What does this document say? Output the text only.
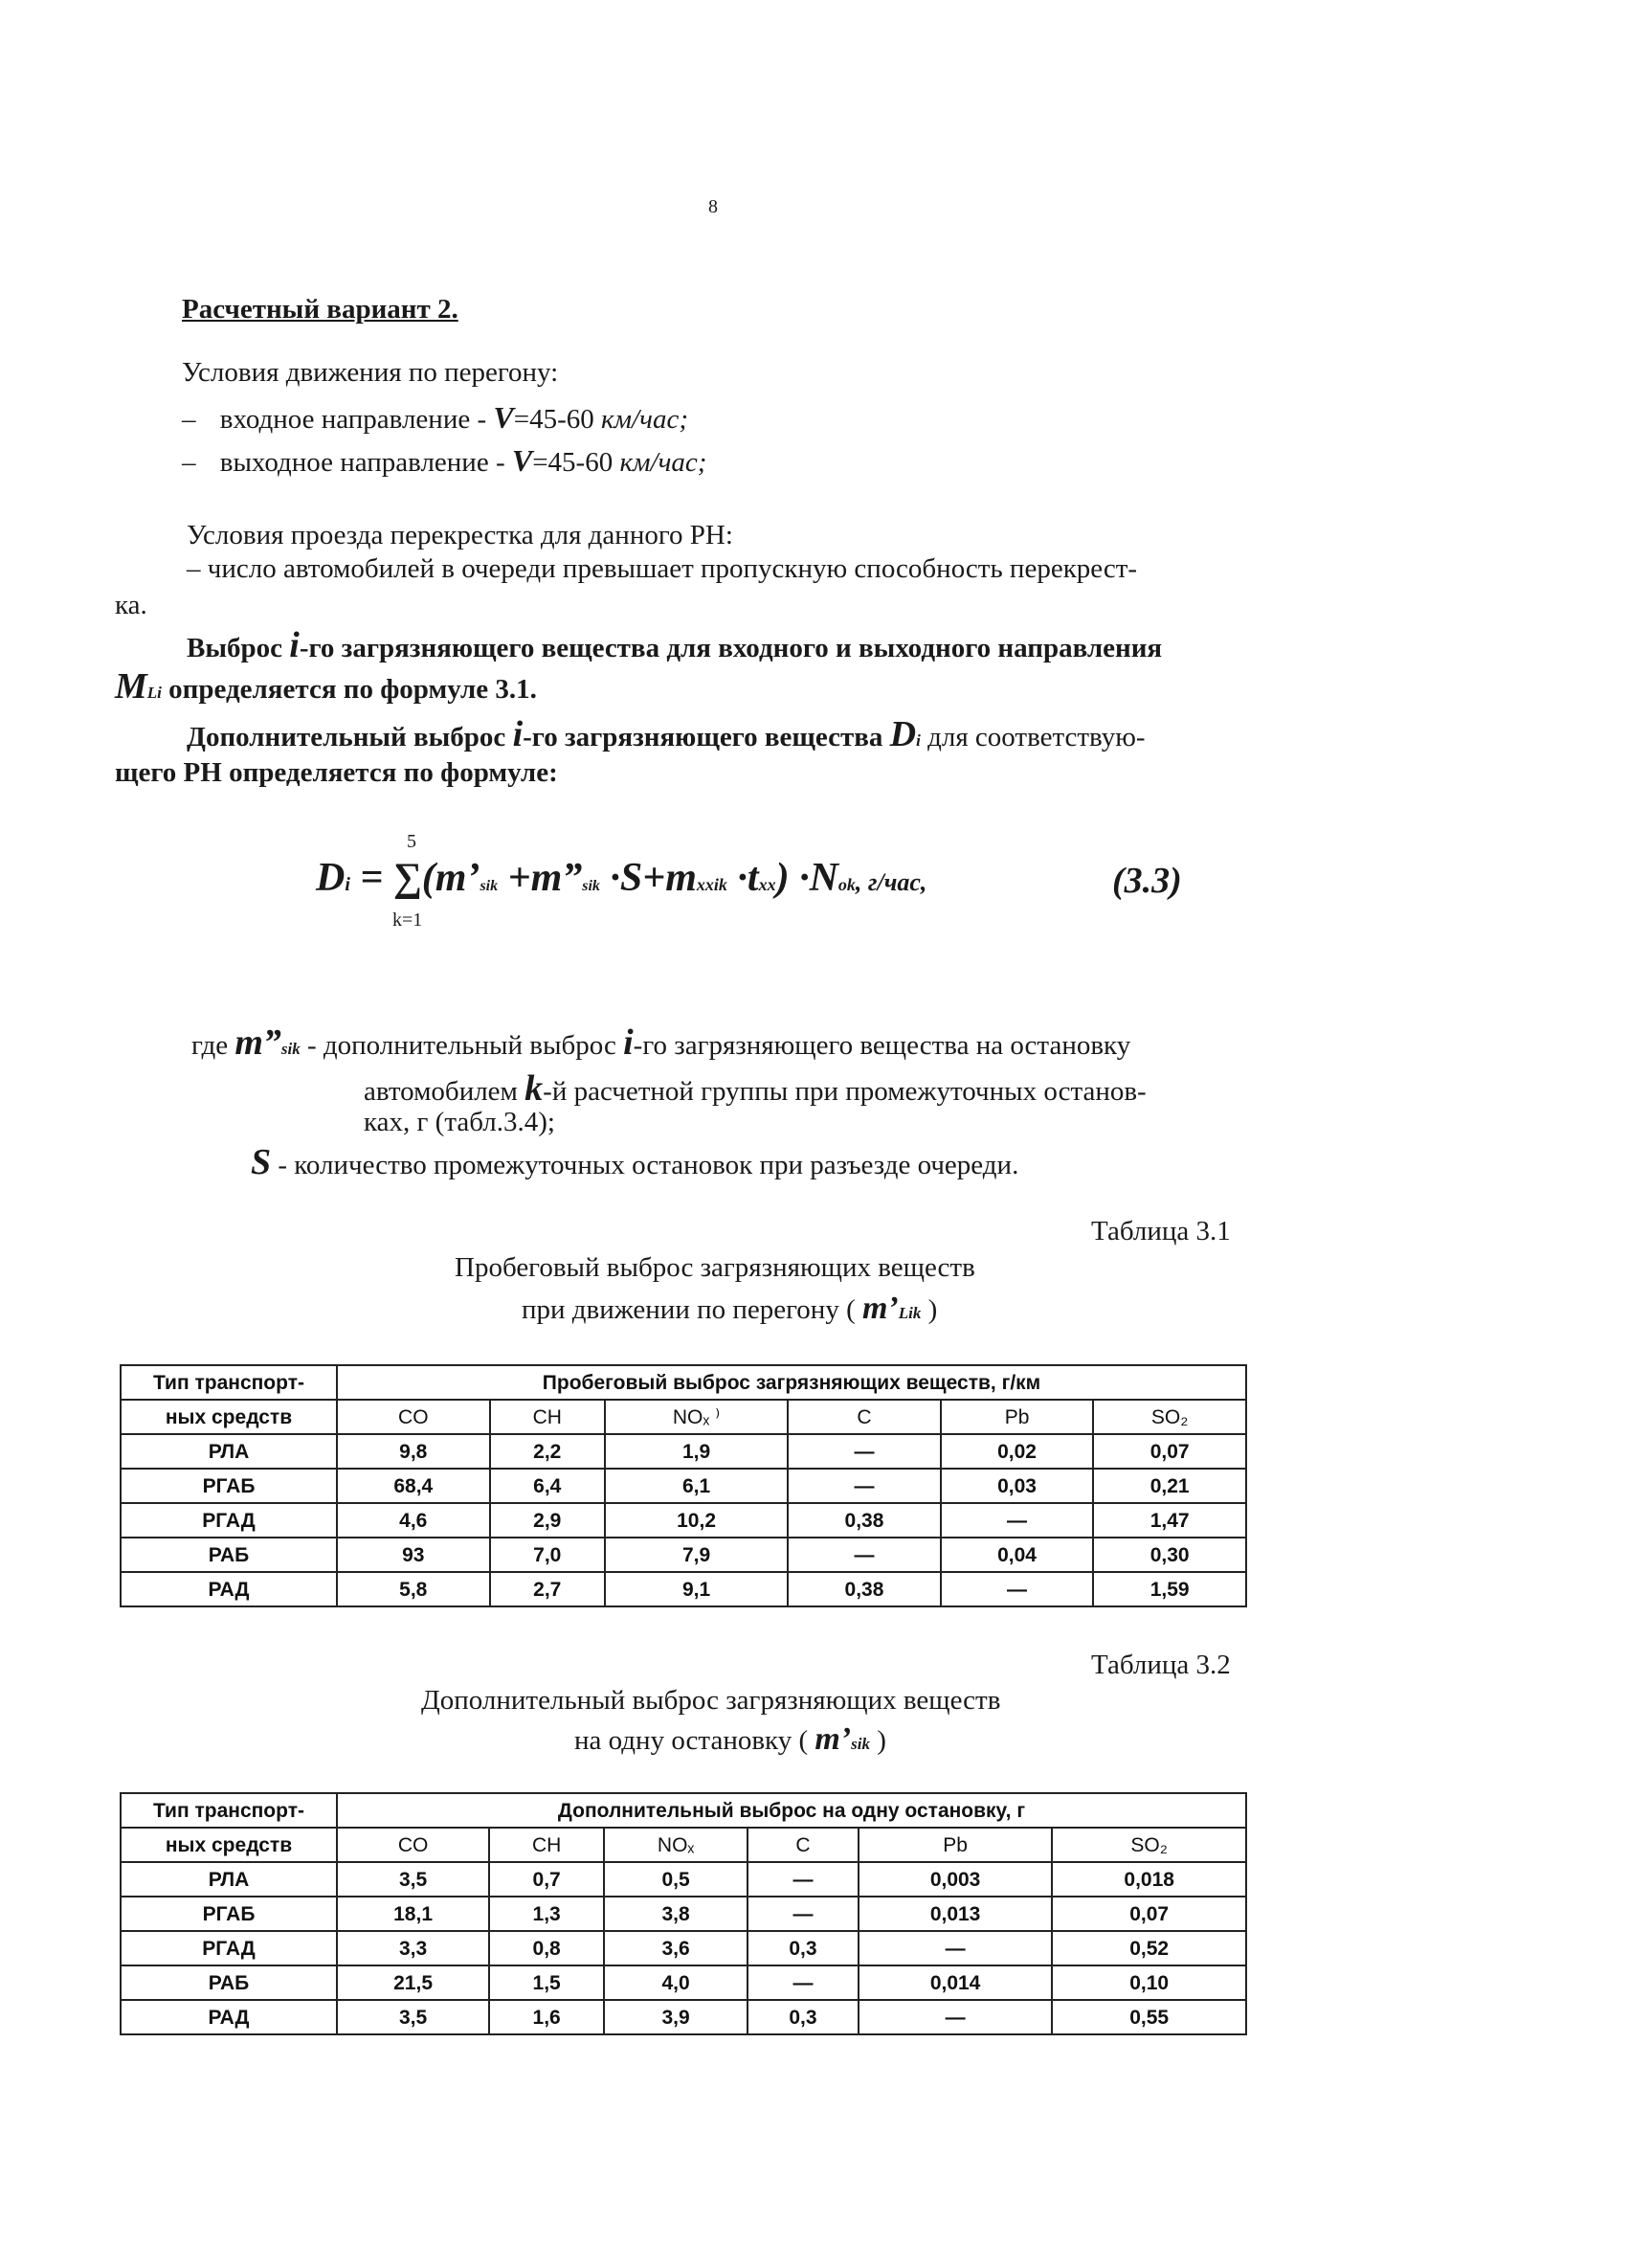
8
Расчетный вариант 2.
Условия движения по перегону:
– входное направление - V=45-60 км/час;
– выходное направление - V=45-60 км/час;
Условия проезда перекрестка для данного РН:
– число автомобилей в очереди превышает пропускную способность перекрест-
ка.
Выброс i-го загрязняющего вещества для входного и выходного направления
MLi определяется по формуле 3.1.
Дополнительный выброс i-го загрязняющего вещества Di для соответствую-
щего РН определяется по формуле:
5
k=1
Di = ∑(m’sik +m”sik ·S+mxxik ·txx) ·Nok, г/час,	(3.3)
где m”sik - дополнительный выброс i-го загрязняющего вещества на остановку
автомобилем k-й расчетной группы при промежуточных останов-
ках, г (табл.3.4);
S - количество промежуточных остановок при разъезде очереди.
Таблица 3.1
Пробеговый выброс загрязняющих веществ
при движении по перегону ( m’Lik )
Тип транспорт-	Пробеговый выброс загрязняющих веществ, г/км					
ных средств	CO	CH	NOₓ ⁾	C	Pb	SO₂
РЛА	9,8	2,2	1,9	—	0,02	0,07
РГАБ	68,4	6,4	6,1	—	0,03	0,21
РГАД	4,6	2,9	10,2	0,38	—	1,47
РАБ	93	7,0	7,9	—	0,04	0,30
РАД	5,8	2,7	9,1	0,38	—	1,59
Таблица 3.2
Дополнительный выброс загрязняющих веществ
на одну остановку ( m’sik )
Тип транспорт-	Дополнительный выброс на одну остановку, г					
ных средств	CO	CH	NOₓ	C	Pb	SO₂
РЛА	3,5	0,7	0,5	—	0,003	0,018
РГАБ	18,1	1,3	3,8	—	0,013	0,07
РГАД	3,3	0,8	3,6	0,3	—	0,52
РАБ	21,5	1,5	4,0	—	0,014	0,10
РАД	3,5	1,6	3,9	0,3	—	0,55
